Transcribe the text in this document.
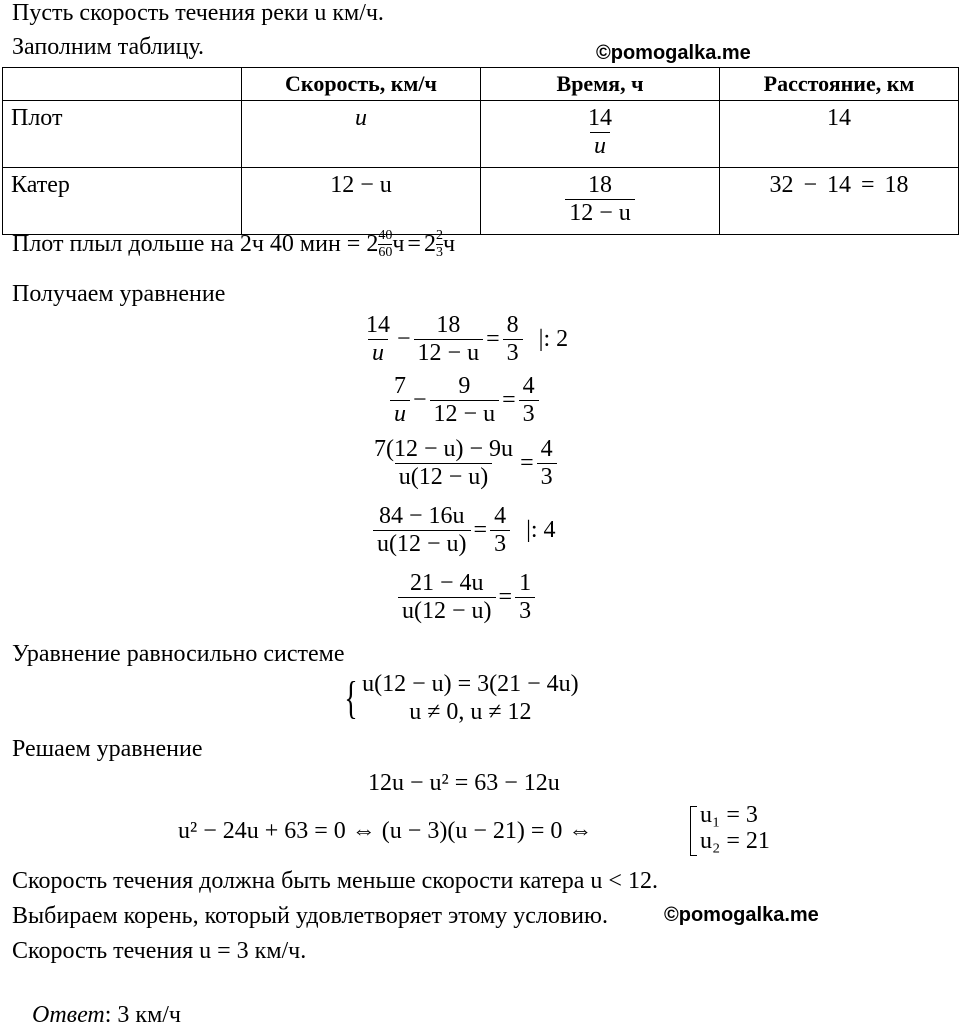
Пусть скорость течения реки u км/ч.
Заполним таблицу.	©pomogalka.me
	Скорость, км/ч	Время, ч	Расстояние, км
Плот	u	$\frac{14}{u}$	14
Катер	12 − u	$\frac{18}{12 - u}$	32 − 14 = 18
Плот плыл дольше на 2ч 40 мин = $2 \frac{40}{60}$ $ч = 2 \frac{2}{3}$ ч
Получаем уравнение
$\frac{14}{u} - \frac{18}{12 - u} = \frac{8}{3}$ |: 2
$\frac{7}{u} - \frac{9}{12 - u} = \frac{4}{3}$
$\frac{7(12 - u) - 9u}{u(12 - u)} = \frac{4}{3}$
$\frac{84 - 16u}{u(12 - u)} = \frac{4}{3}$ |: 4
$\frac{21 - 4u}{u(12 - u)} = \frac{1}{3}$
Уравнение равносильно системе
{ u(12 − u) = 3(21 − 4u)
u ≠ 0, u ≠ 12
Решаем уравнение
12u − u² = 63 − 12u
u² − 24u + 63 = 0 ⇔ (u − 3)(u − 21) = 0 ⇔
u₁ = 3
u₂ = 21
Скорость течения должна быть меньше скорости катера u < 12.
Выбираем корень, который удовлетворяет этому условию.	©pomogalka.me
Скорость течения u = 3 км/ч.
Ответ: 3 км/ч
